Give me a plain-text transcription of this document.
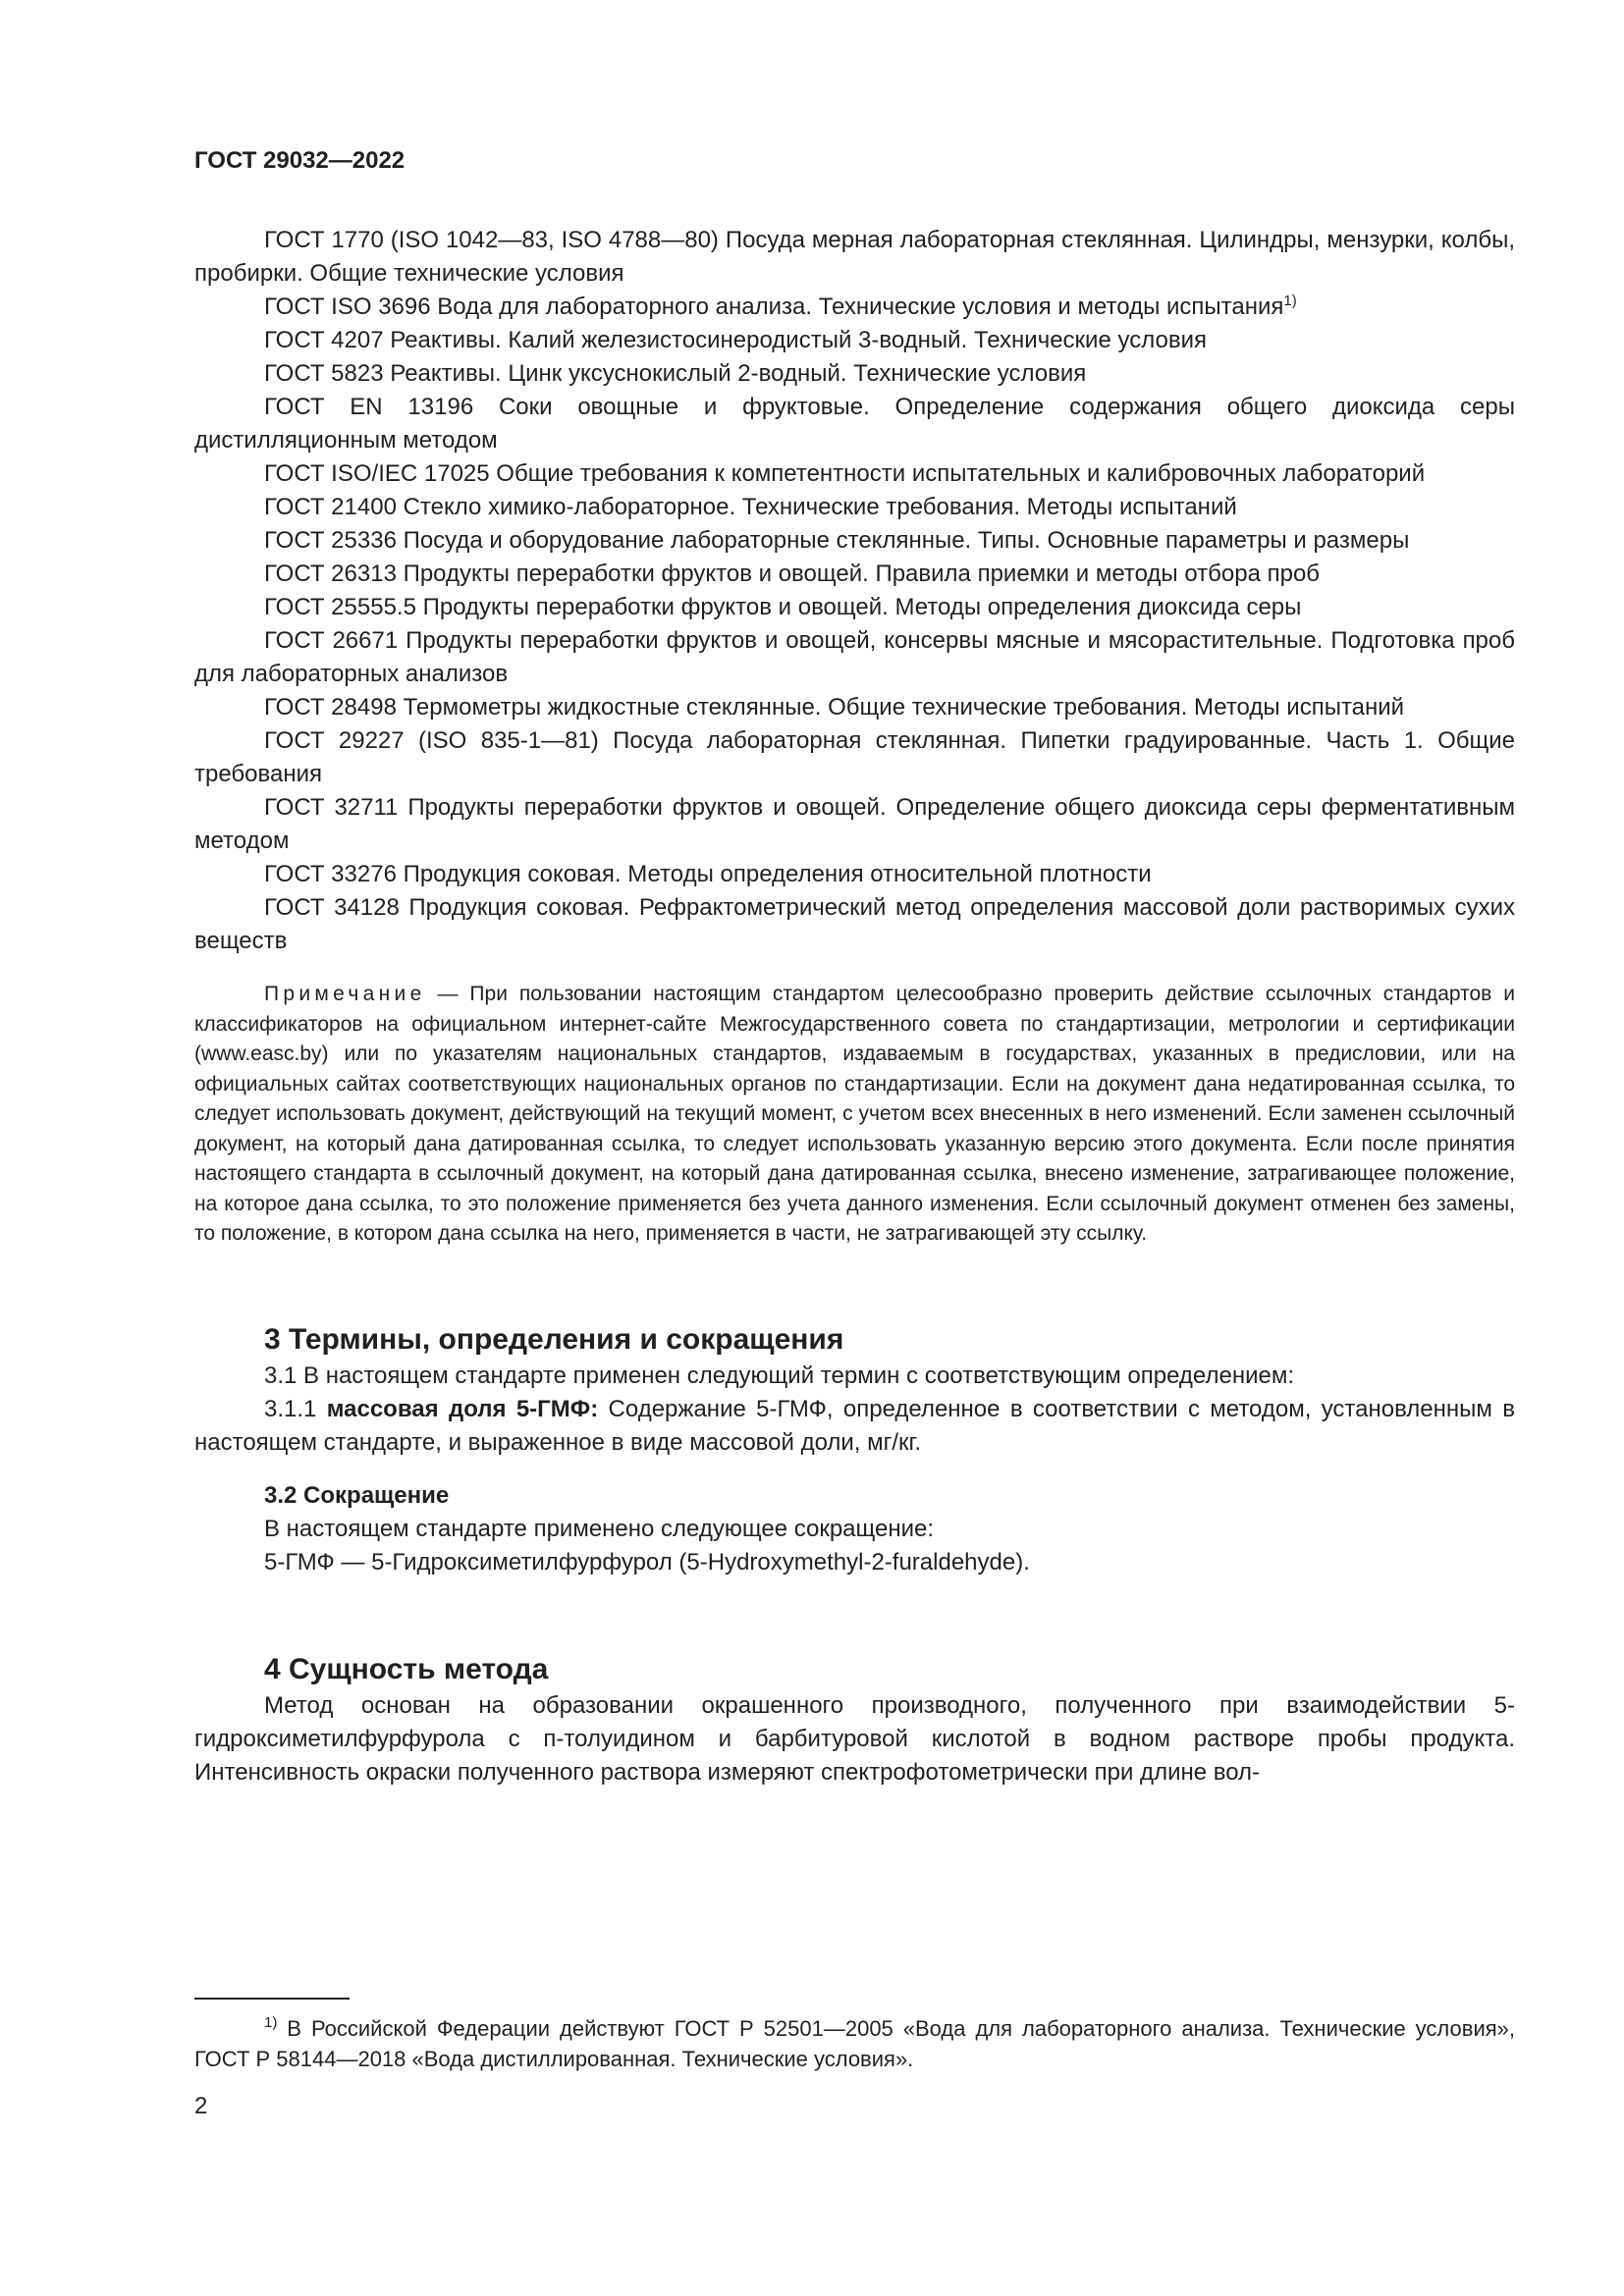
ГОСТ 29032—2022

ГОСТ 1770 (ISO 1042—83, ISO 4788—80) Посуда мерная лабораторная стеклянная. Цилиндры, мензурки, колбы, пробирки. Общие технические условия

ГОСТ ISO 3696 Вода для лабораторного анализа. Технические условия и методы испытания$^{1)}$

ГОСТ 4207 Реактивы. Калий железистосинеродистый 3-водный. Технические условия

ГОСТ 5823 Реактивы. Цинк уксуснокислый 2-водный. Технические условия

ГОСТ EN 13196 Соки овощные и фруктовые. Определение содержания общего диоксида серы дистилляционным методом

ГОСТ ISO/IEC 17025 Общие требования к компетентности испытательных и калибровочных лабораторий

ГОСТ 21400 Стекло химико-лабораторное. Технические требования. Методы испытаний

ГОСТ 25336 Посуда и оборудование лабораторные стеклянные. Типы. Основные параметры и размеры

ГОСТ 26313 Продукты переработки фруктов и овощей. Правила приемки и методы отбора проб

ГОСТ 25555.5 Продукты переработки фруктов и овощей. Методы определения диоксида серы

ГОСТ 26671 Продукты переработки фруктов и овощей, консервы мясные и мясорастительные. Подготовка проб для лабораторных анализов

ГОСТ 28498 Термометры жидкостные стеклянные. Общие технические требования. Методы испытаний

ГОСТ 29227 (ISO 835-1—81) Посуда лабораторная стеклянная. Пипетки градуированные. Часть 1. Общие требования

ГОСТ 32711 Продукты переработки фруктов и овощей. Определение общего диоксида серы ферментативным методом

ГОСТ 33276 Продукция соковая. Методы определения относительной плотности

ГОСТ 34128 Продукция соковая. Рефрактометрический метод определения массовой доли растворимых сухих веществ

Примечание — При пользовании настоящим стандартом целесообразно проверить действие ссылочных стандартов и классификаторов на официальном интернет-сайте Межгосударственного совета по стандартизации, метрологии и сертификации (www.easc.by) или по указателям национальных стандартов, издаваемым в государствах, указанных в предисловии, или на официальных сайтах соответствующих национальных органов по стандартизации. Если на документ дана недатированная ссылка, то следует использовать документ, действующий на текущий момент, с учетом всех внесенных в него изменений. Если заменен ссылочный документ, на который дана датированная ссылка, то следует использовать указанную версию этого документа. Если после принятия настоящего стандарта в ссылочный документ, на который дана датированная ссылка, внесено изменение, затрагивающее положение, на которое дана ссылка, то это положение применяется без учета данного изменения. Если ссылочный документ отменен без замены, то положение, в котором дана ссылка на него, применяется в части, не затрагивающей эту ссылку.

3 Термины, определения и сокращения

3.1 В настоящем стандарте применен следующий термин с соответствующим определением:

3.1.1 массовая доля 5-ГМФ: Содержание 5-ГМФ, определенное в соответствии с методом, установленным в настоящем стандарте, и выраженное в виде массовой доли, мг/кг.

3.2 Сокращение

В настоящем стандарте применено следующее сокращение:

5-ГМФ — 5-Гидроксиметилфурфурол (5-Hydroxymethyl-2-furaldehyde).

4 Сущность метода

Метод основан на образовании окрашенного производного, полученного при взаимодействии 5-гидроксиметилфурфурола с п-толуидином и барбитуровой кислотой в водном растворе пробы продукта. Интенсивность окраски полученного раствора измеряют спектрофотометрически при длине вол-

$^{1)}$ В Российской Федерации действуют ГОСТ Р 52501—2005 «Вода для лабораторного анализа. Технические условия», ГОСТ Р 58144—2018 «Вода дистиллированная. Технические условия».

2
